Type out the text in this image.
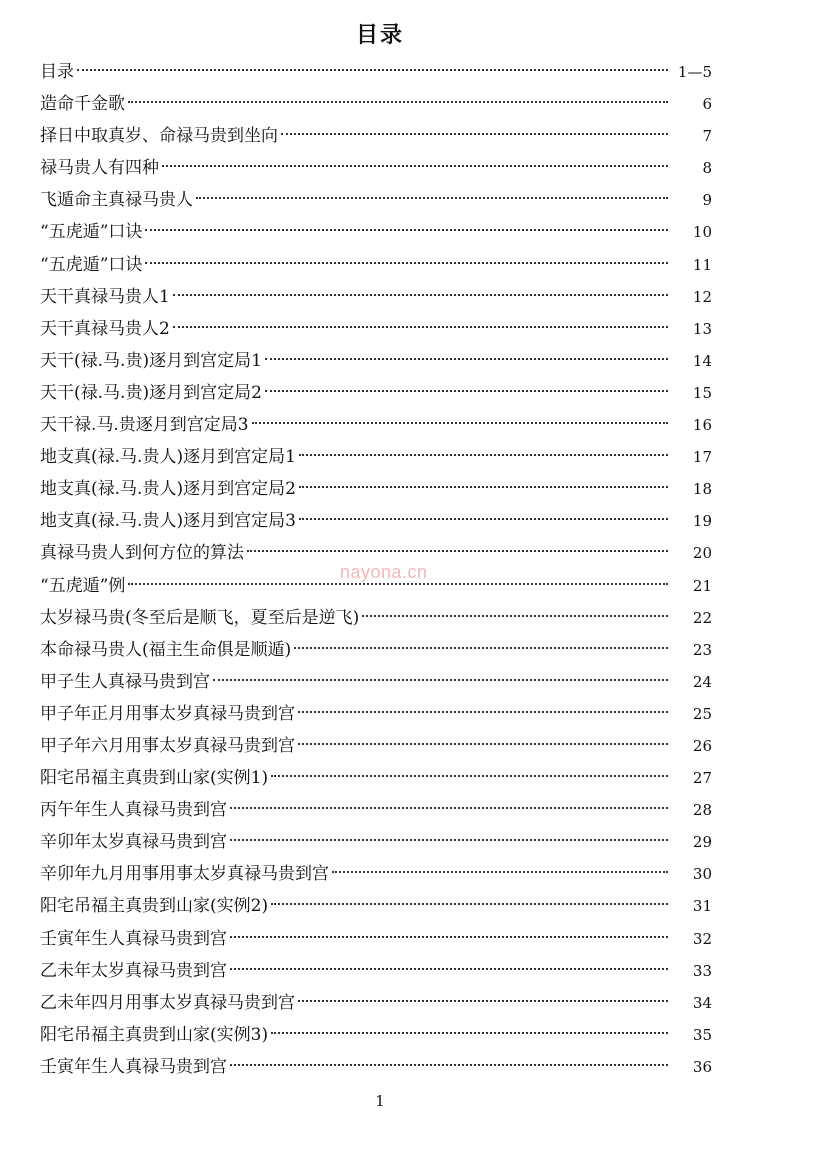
目录
目录	1—5
造命千金歌	6
择日中取真岁、命禄马贵到坐向	7
禄马贵人有四种	8
飞遁命主真禄马贵人	9
“五虎遁”口诀	10
“五虎遁”口诀	11
天干真禄马贵人1	12
天干真禄马贵人2	13
天干(禄.马.贵)逐月到宫定局1	14
天干(禄.马.贵)逐月到宫定局2	15
天干禄.马.贵逐月到宫定局3	16
地支真(禄.马.贵人)逐月到宫定局1	17
地支真(禄.马.贵人)逐月到宫定局2	18
地支真(禄.马.贵人)逐月到宫定局3	19
真禄马贵人到何方位的算法	20
“五虎遁”例	21
太岁禄马贵(冬至后是顺飞，夏至后是逆飞)	22
本命禄马贵人(福主生命俱是顺遁)	23
甲子生人真禄马贵到宫	24
甲子年正月用事太岁真禄马贵到宫	25
甲子年六月用事太岁真禄马贵到宫	26
阳宅吊福主真贵到山家(实例1)	27
丙午年生人真禄马贵到宫	28
辛卯年太岁真禄马贵到宫	29
辛卯年九月用事用事太岁真禄马贵到宫	30
阳宅吊福主真贵到山家(实例2)	31
壬寅年生人真禄马贵到宫	32
乙未年太岁真禄马贵到宫	33
乙未年四月用事太岁真禄马贵到宫	34
阳宅吊福主真贵到山家(实例3)	35
壬寅年生人真禄马贵到宫	36
nayona.cn
1
